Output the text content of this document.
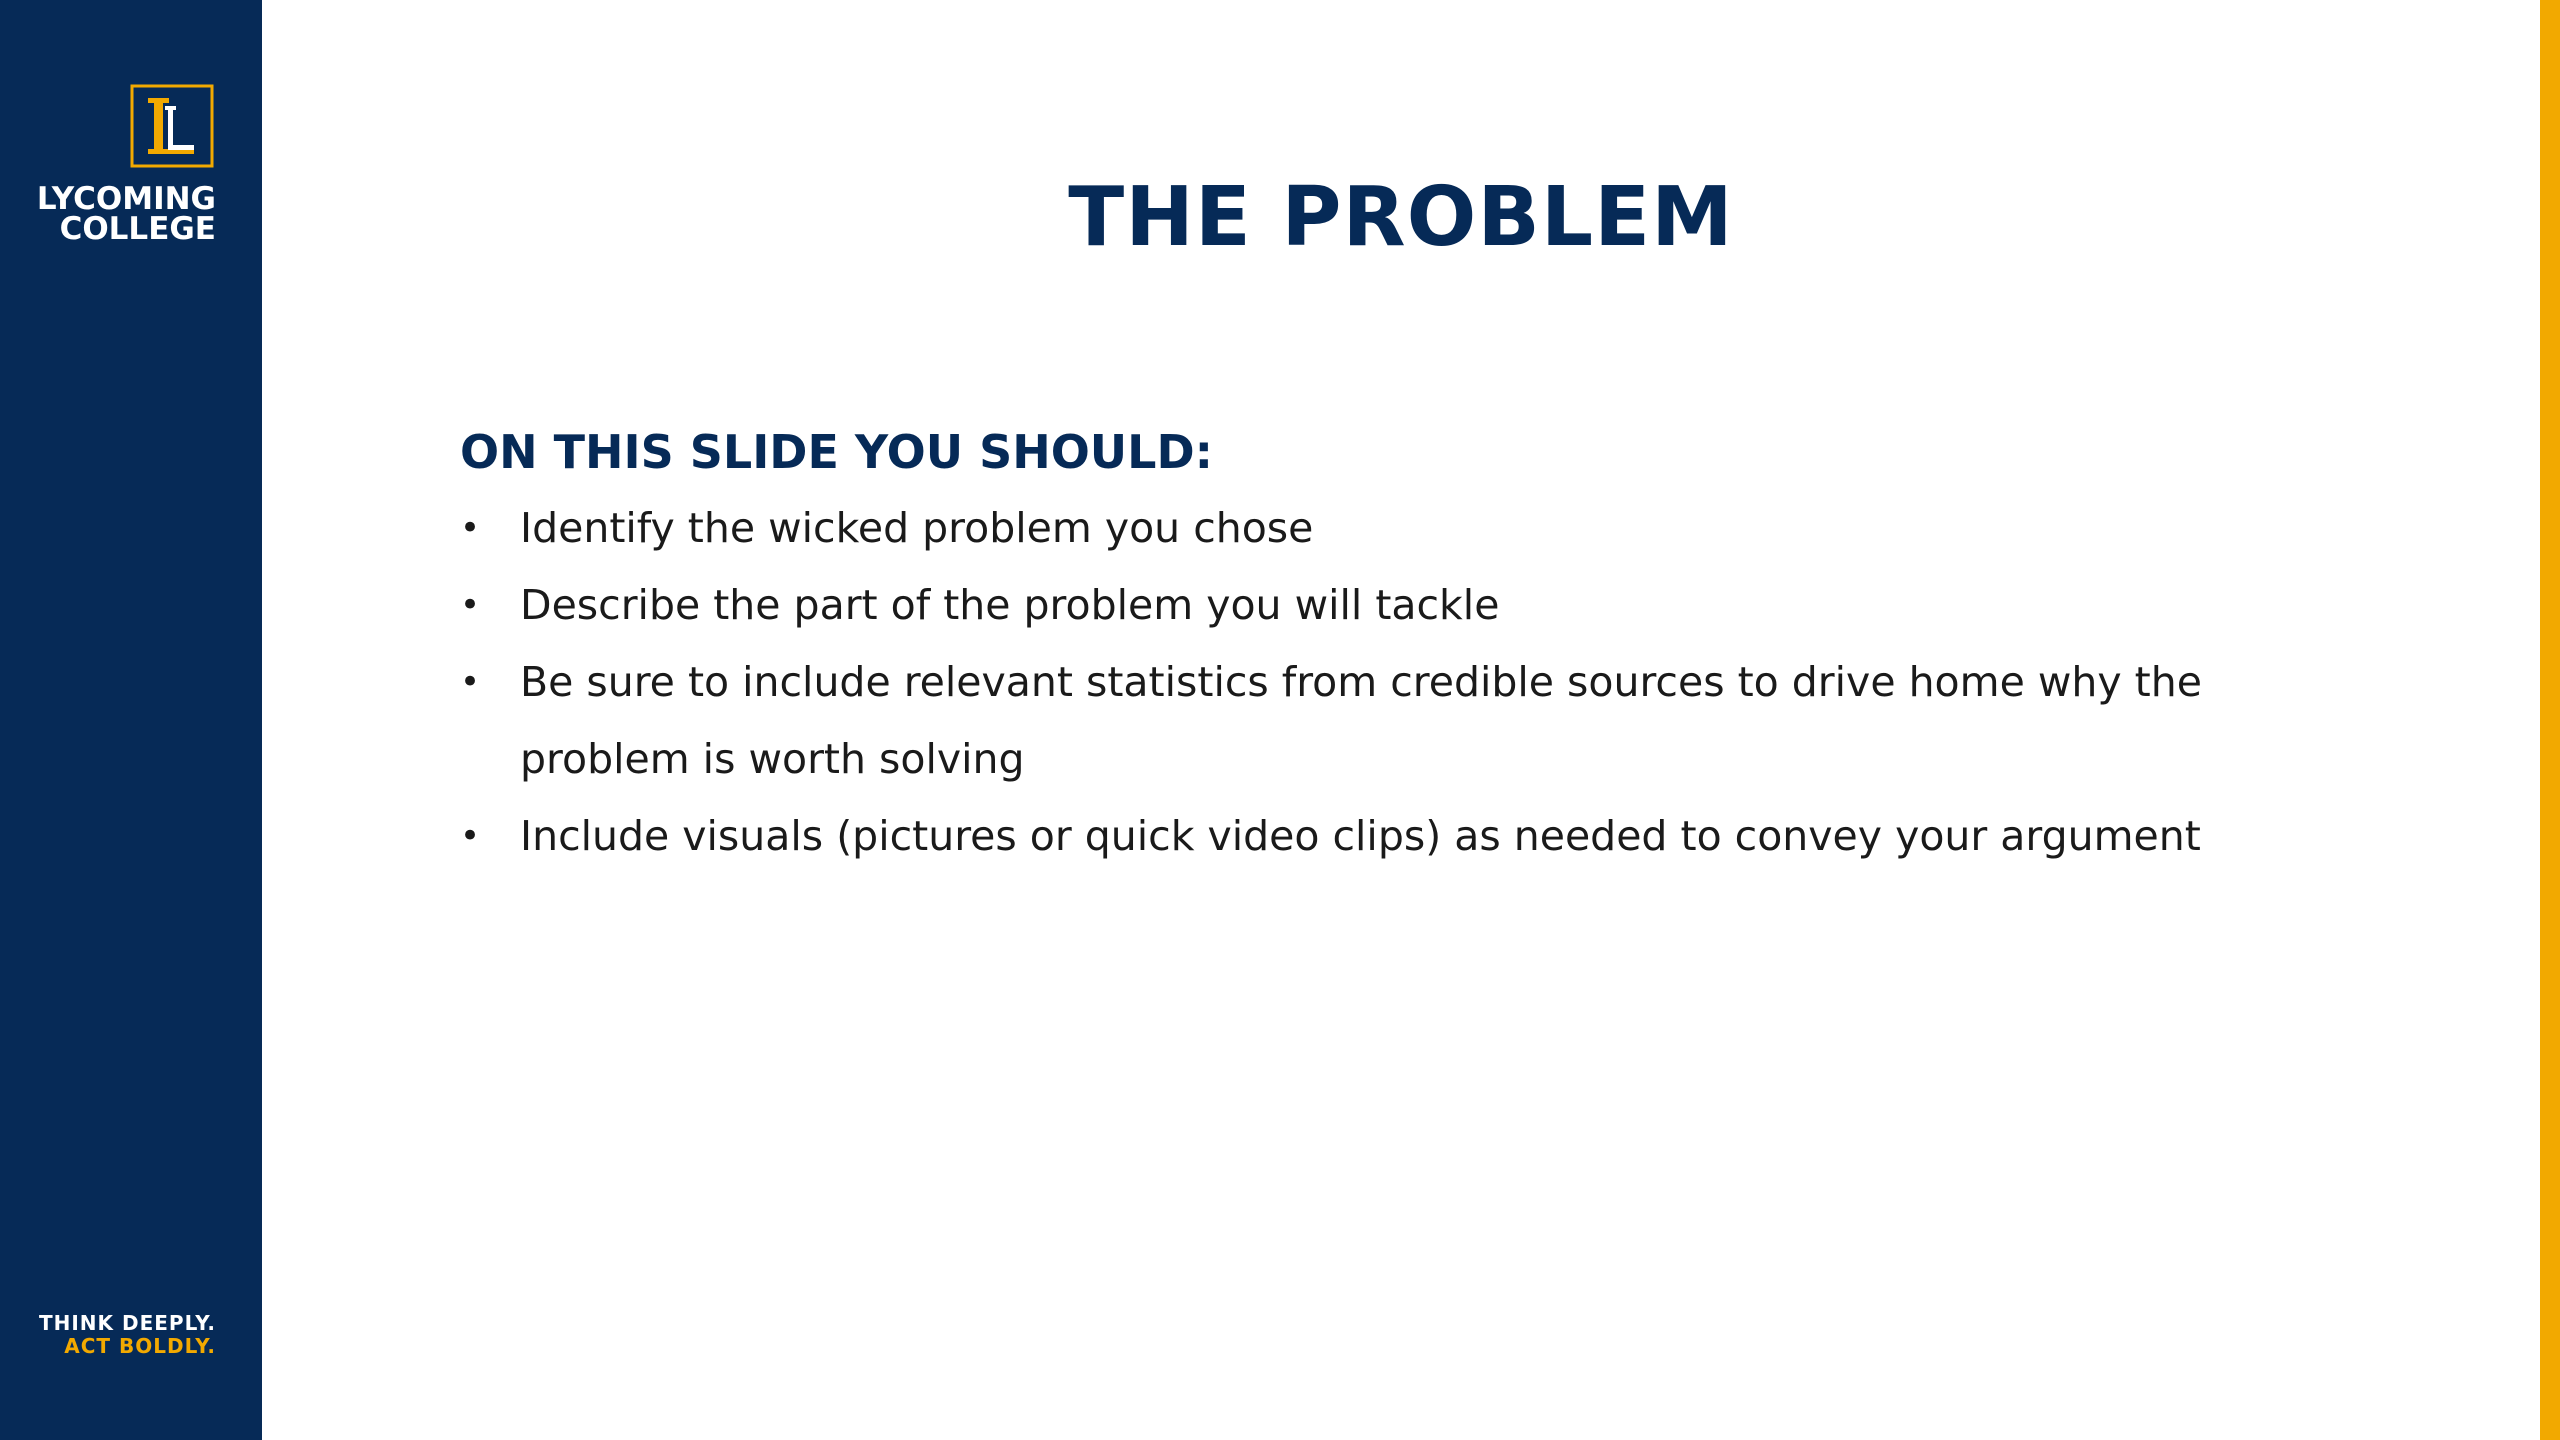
LYCOMING
COLLEGE
THINK DEEPLY.
ACT BOLDLY.
THE PROBLEM
ON THIS SLIDE YOU SHOULD:
• Identify the wicked problem you chose
• Describe the part of the problem you will tackle
• Be sure to include relevant statistics from credible sources to drive home why the problem is worth solving
• Include visuals (pictures or quick video clips) as needed to convey your argument
